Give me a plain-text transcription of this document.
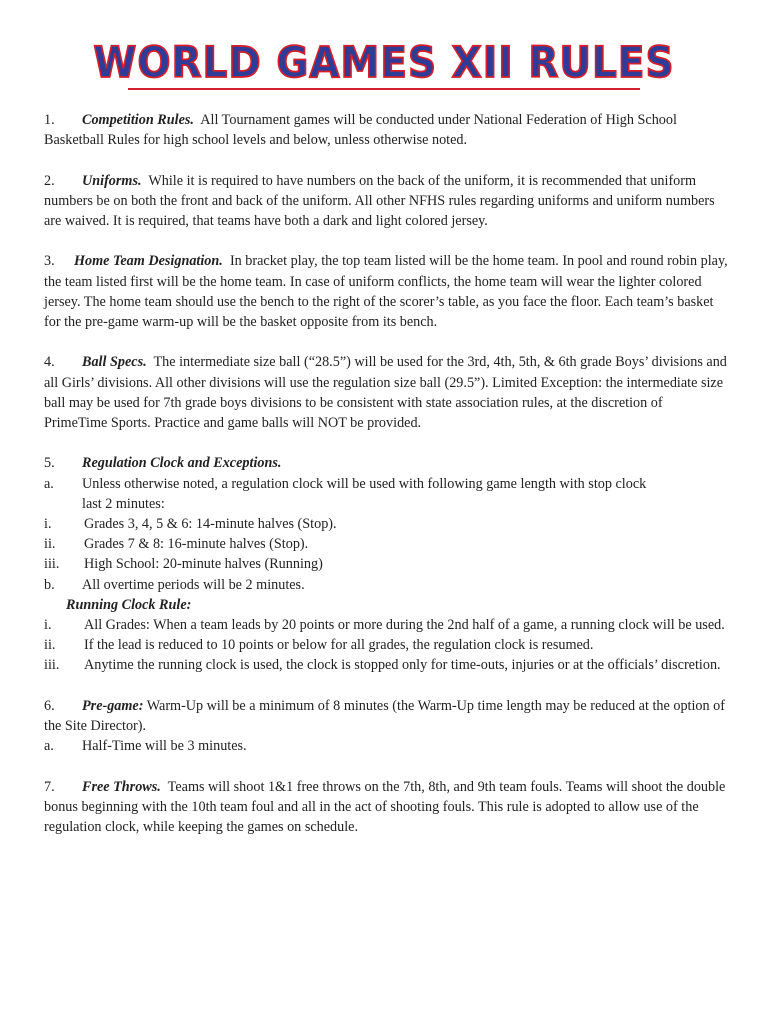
WORLD GAMES XII RULES

1. Competition Rules. All Tournament games will be conducted under National Federation of High School Basketball Rules for high school levels and below, unless otherwise noted.

2. Uniforms. While it is required to have numbers on the back of the uniform, it is recommended that uniform numbers be on both the front and back of the uniform. All other NFHS rules regarding uniforms and uniform numbers are waived. It is required, that teams have both a dark and light colored jersey.

3. Home Team Designation. In bracket play, the top team listed will be the home team. In pool and round robin play, the team listed first will be the home team. In case of uniform conflicts, the home team will wear the lighter colored jersey. The home team should use the bench to the right of the scorer’s table, as you face the floor. Each team’s basket for the pre-game warm-up will be the basket opposite from its bench.

4. Ball Specs. The intermediate size ball (“28.5”) will be used for the 3rd, 4th, 5th, & 6th grade Boys’ divisions and all Girls’ divisions. All other divisions will use the regulation size ball (29.5”). Limited Exception: the intermediate size ball may be used for 7th grade boys divisions to be consistent with state association rules, at the discretion of PrimeTime Sports. Practice and game balls will NOT be provided.

5. Regulation Clock and Exceptions.

a.	Unless otherwise noted, a regulation clock will be used with following game length with stop clock

last 2 minutes:

i.	Grades 3, 4, 5 & 6: 14-minute halves (Stop).

ii.	Grades 7 & 8: 16-minute halves (Stop).

iii.	High School: 20-minute halves (Running)

b.	All overtime periods will be 2 minutes.

Running Clock Rule:

i.	All Grades: When a team leads by 20 points or more during the 2nd half of a game, a running clock will be used.

ii.	If the lead is reduced to 10 points or below for all grades, the regulation clock is resumed.

iii.	Anytime the running clock is used, the clock is stopped only for time-outs, injuries or at the officials’ discretion.

6. Pre-game: Warm-Up will be a minimum of 8 minutes (the Warm-Up time length may be reduced at the option of the Site Director).

a.	Half-Time will be 3 minutes.

7. Free Throws. Teams will shoot 1&1 free throws on the 7th, 8th, and 9th team fouls. Teams will shoot the double bonus beginning with the 10th team foul and all in the act of shooting fouls. This rule is adopted to allow use of the regulation clock, while keeping the games on schedule.
